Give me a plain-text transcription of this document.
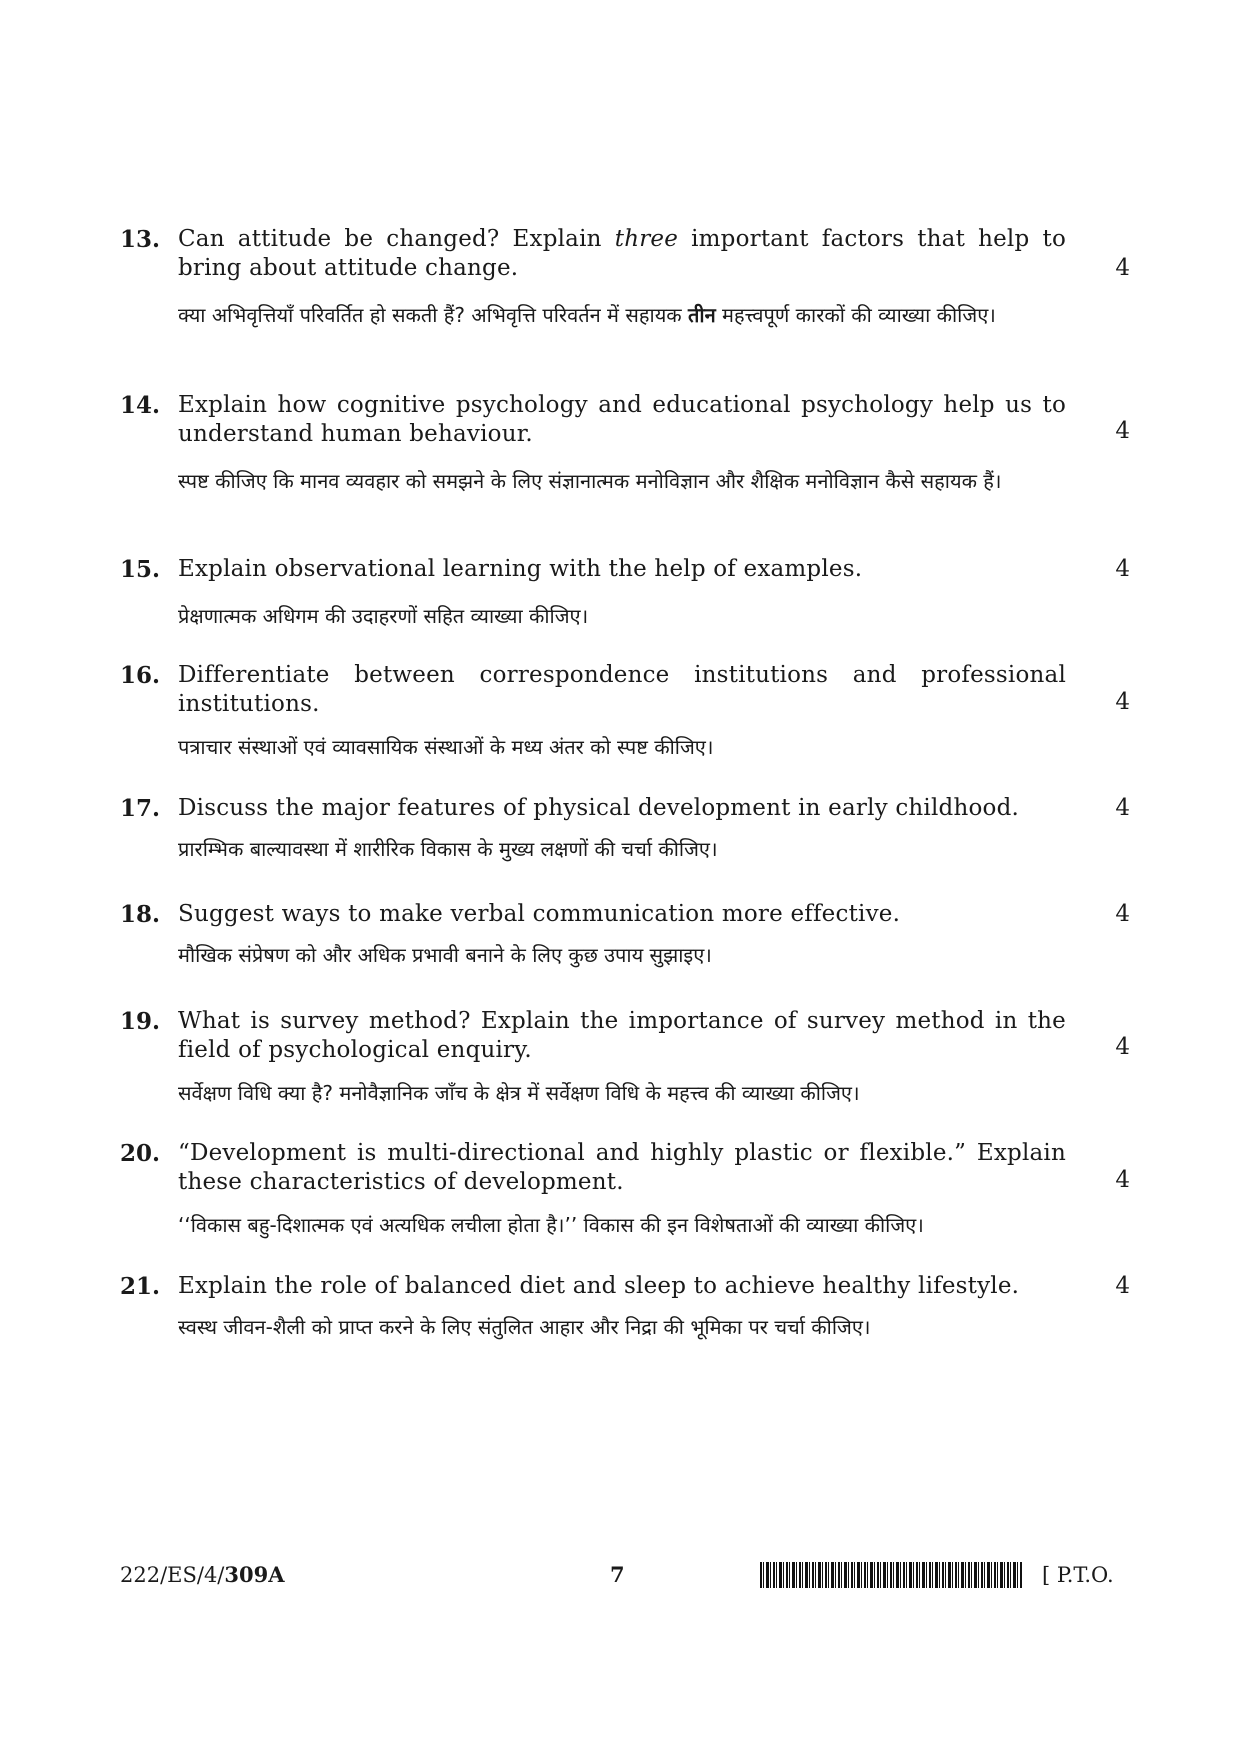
13. Can attitude be changed? Explain three important factors that help to bring about attitude change.
क्या अभिवृत्तियाँ परिवर्तित हो सकती हैं? अभिवृत्ति परिवर्तन में सहायक तीन महत्त्वपूर्ण कारकों की व्याख्या कीजिए।
4
14. Explain how cognitive psychology and educational psychology help us to understand human behaviour.
स्पष्ट कीजिए कि मानव व्यवहार को समझने के लिए संज्ञानात्मक मनोविज्ञान और शैक्षिक मनोविज्ञान कैसे सहायक हैं।
4
15. Explain observational learning with the help of examples.
प्रेक्षणात्मक अधिगम की उदाहरणों सहित व्याख्या कीजिए।
4
16. Differentiate between correspondence institutions and professional
institutions.
पत्राचार संस्थाओं एवं व्यावसायिक संस्थाओं के मध्य अंतर को स्पष्ट कीजिए।
4
17. Discuss the major features of physical development in early childhood.
प्रारम्भिक बाल्यावस्था में शारीरिक विकास के मुख्य लक्षणों की चर्चा कीजिए।
4
18. Suggest ways to make verbal communication more effective.
मौखिक संप्रेषण को और अधिक प्रभावी बनाने के लिए कुछ उपाय सुझाइए।
4
19. What is survey method? Explain the importance of survey method in the field of psychological enquiry.
सर्वेक्षण विधि क्या है? मनोवैज्ञानिक जाँच के क्षेत्र में सर्वेक्षण विधि के महत्त्व की व्याख्या कीजिए।
4
20. “Development is multi-directional and highly plastic or flexible.” Explain these characteristics of development.
‘‘विकास बहु-दिशात्मक एवं अत्यधिक लचीला होता है।’’ विकास की इन विशेषताओं की व्याख्या कीजिए।
4
21. Explain the role of balanced diet and sleep to achieve healthy lifestyle.
स्वस्थ जीवन-शैली को प्राप्त करने के लिए संतुलित आहार और निद्रा की भूमिका पर चर्चा कीजिए।
4
222/ES/4/309A	7	[ P.T.O.
